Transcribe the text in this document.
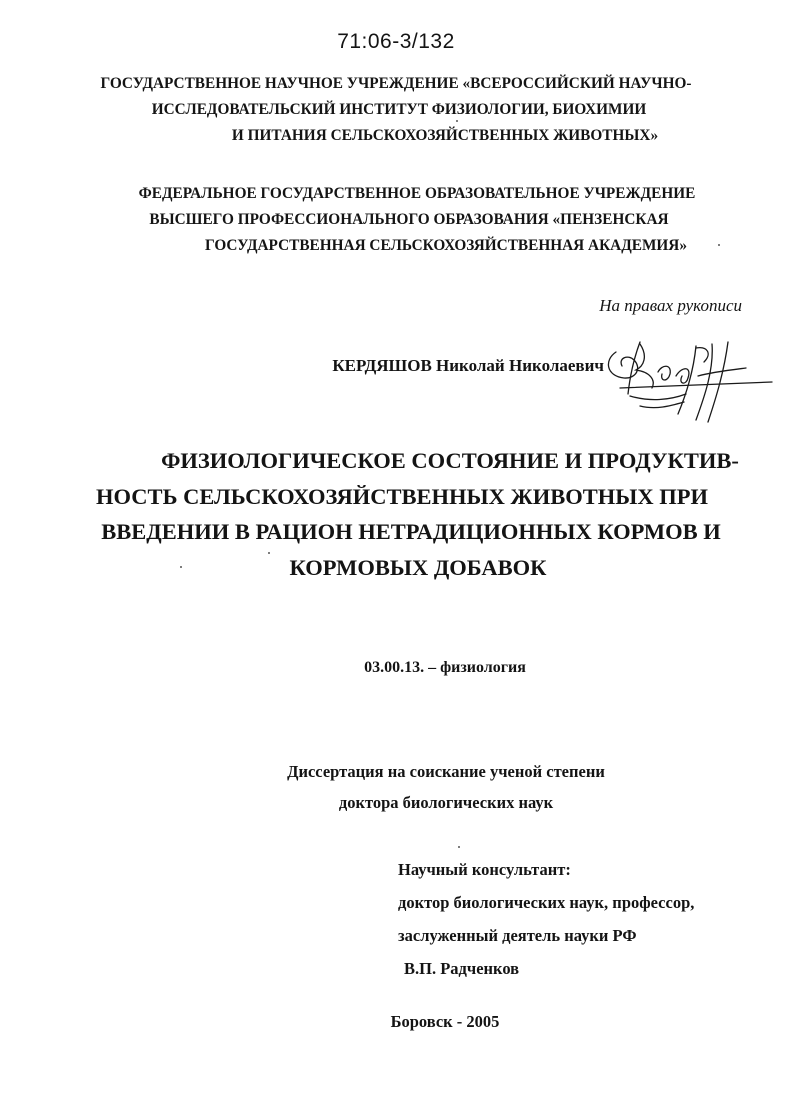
71:06-3/132
ГОСУДАРСТВЕННОЕ НАУЧНОЕ УЧРЕЖДЕНИЕ «ВСЕРОССИЙСКИЙ НАУЧНО-
ИССЛЕДОВАТЕЛЬСКИЙ ИНСТИТУТ ФИЗИОЛОГИИ, БИОХИМИИ
И ПИТАНИЯ СЕЛЬСКОХОЗЯЙСТВЕННЫХ ЖИВОТНЫХ»
ФЕДЕРАЛЬНОЕ ГОСУДАРСТВЕННОЕ ОБРАЗОВАТЕЛЬНОЕ УЧРЕЖДЕНИЕ
ВЫСШЕГО ПРОФЕССИОНАЛЬНОГО ОБРАЗОВАНИЯ «ПЕНЗЕНСКАЯ
ГОСУДАРСТВЕННАЯ СЕЛЬСКОХОЗЯЙСТВЕННАЯ АКАДЕМИЯ»
На правах рукописи
КЕРДЯШОВ Николай Николаевич
ФИЗИОЛОГИЧЕСКОЕ СОСТОЯНИЕ И ПРОДУКТИВ-
НОСТЬ СЕЛЬСКОХОЗЯЙСТВЕННЫХ ЖИВОТНЫХ ПРИ
ВВЕДЕНИИ В РАЦИОН НЕТРАДИЦИОННЫХ КОРМОВ И
КОРМОВЫХ ДОБАВОК
03.00.13. – физиология
Диссертация на соискание ученой степени
доктора биологических наук
Научный консультант:
доктор биологических наук, профессор,
заслуженный деятель науки РФ
В.П. Радченков
Боровск - 2005
